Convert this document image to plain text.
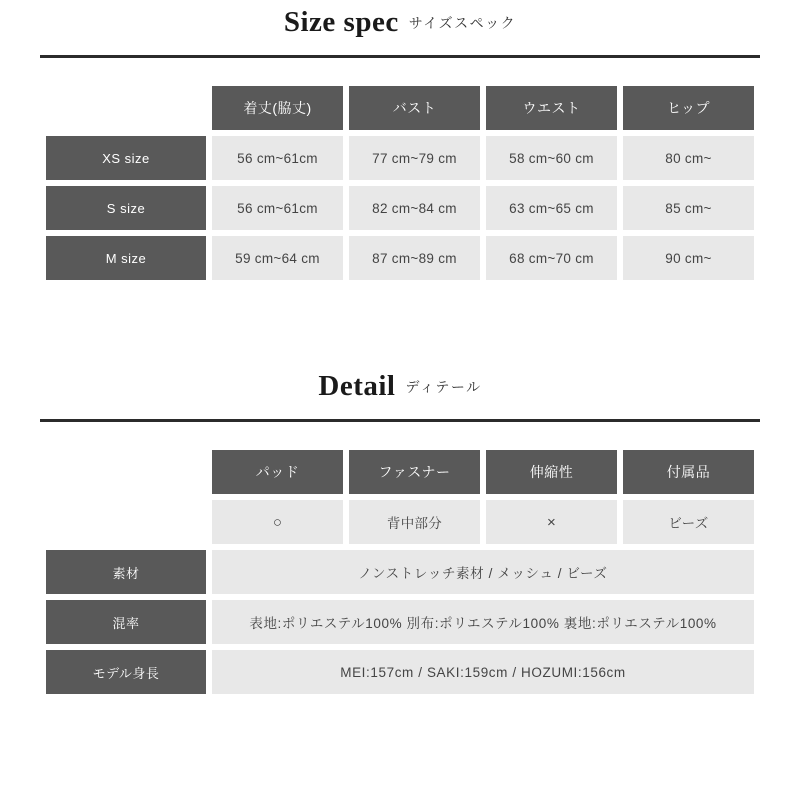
Size spec サイズスペック
	着丈(脇丈)	バスト	ウエスト	ヒップ
XS size	56 cm~61cm	77 cm~79 cm	58 cm~60 cm	80 cm~
S size	56 cm~61cm	82 cm~84 cm	63 cm~65 cm	85 cm~
M size	59 cm~64 cm	87 cm~89 cm	68 cm~70 cm	90 cm~
Detail ディテール
	パッド	ファスナー	伸縮性	付属品
	○	背中部分	×	ビーズ
素材	ノンストレッチ素材 / メッシュ / ビーズ			
混率	表地:ポリエステル100% 別布:ポリエステル100% 裏地:ポリエステル100%			
モデル身長	MEI:157cm / SAKI:159cm / HOZUMI:156cm			
